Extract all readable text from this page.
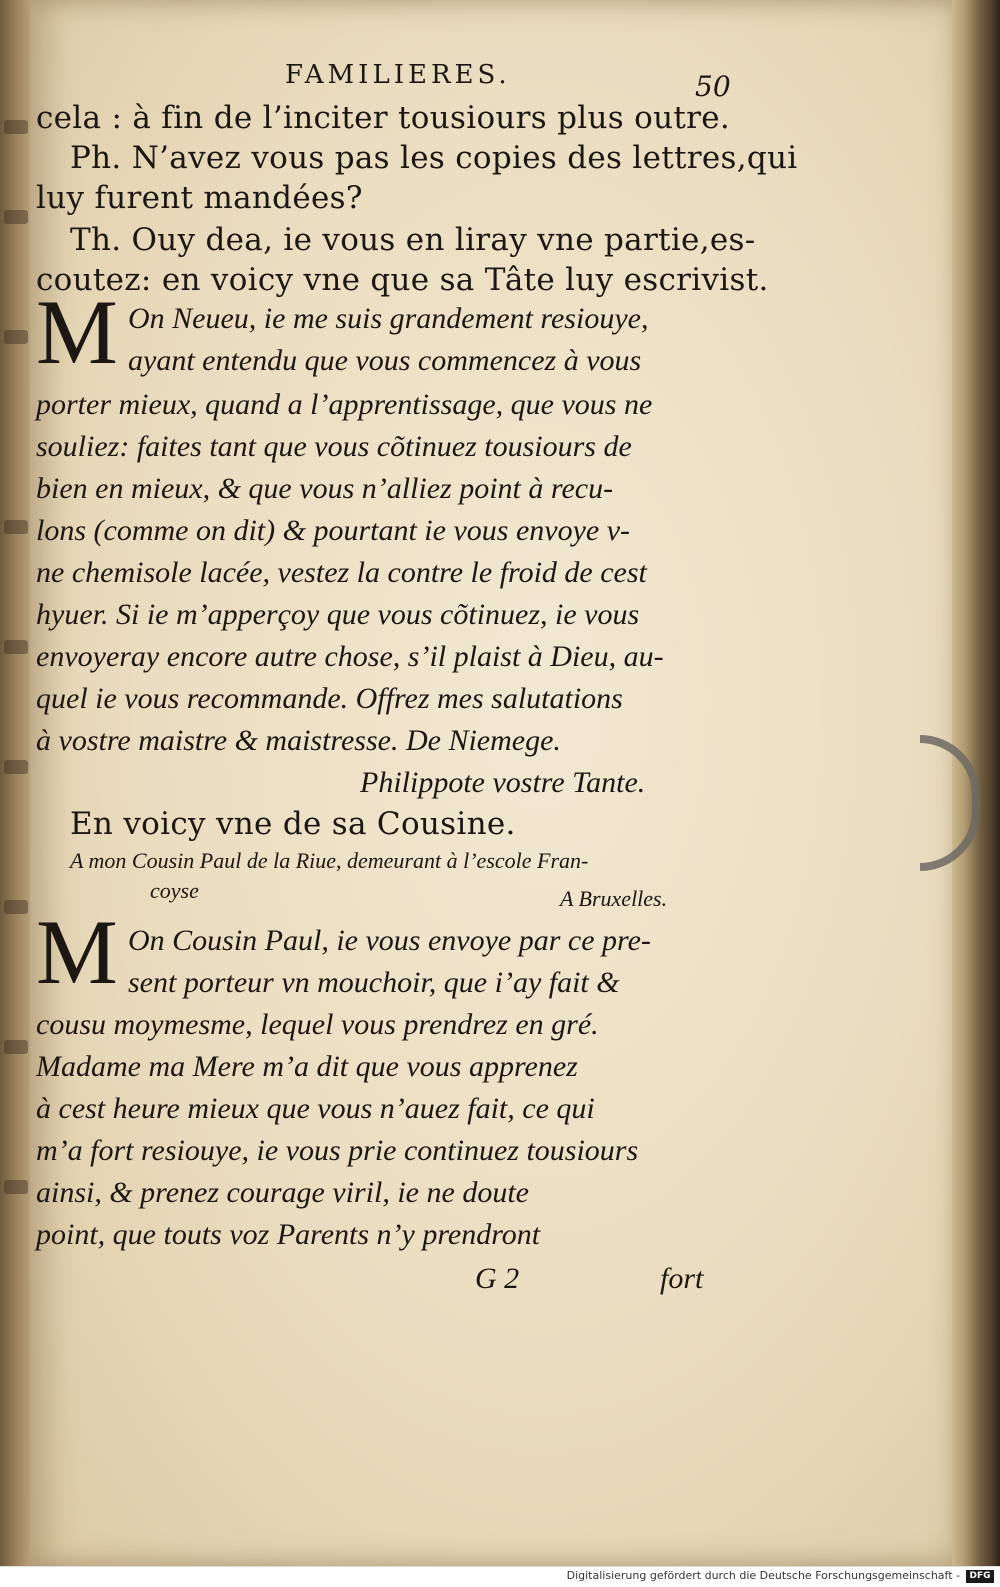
FAMILIERES.	50
cela : à fin de l’inciter tousiours plus outre.
Ph. N’avez vous pas les copies des lettres,qui
luy furent mandées?
Th. Ouy dea, ie vous en liray vne partie,es-
coutez: en voicy vne que sa Tâte luy escrivist.
M On Neueu, ie me suis grandement resiouye,
ayant entendu que vous commencez à vous
porter mieux, quand a l’apprentissage, que vous ne
souliez: faites tant que vous cõtinuez tousiours de
bien en mieux, & que vous n’alliez point à recu-
lons (comme on dit) & pourtant ie vous envoye v-
ne chemisole lacée, vestez la contre le froid de cest
hyuer. Si ie m’apperçoy que vous cõtinuez, ie vous
envoyeray encore autre chose, s’il plaist à Dieu, au-
quel ie vous recommande. Offrez mes salutations
à vostre maistre & maistresse. De Niemege.
Philippote vostre Tante.
En voicy vne de sa Cousine.
A mon Cousin Paul de la Riue, demeurant à l’escole Fran-
coyse	A Bruxelles.
M On Cousin Paul, ie vous envoye par ce pre-
sent porteur vn mouchoir, que i’ay fait &
cousu moymesme, lequel vous prendrez en gré.
Madame ma Mere m’a dit que vous apprenez
à cest heure mieux que vous n’auez fait, ce qui
m’a fort resiouye, ie vous prie continuez tousiours
ainsi, & prenez courage viril, ie ne doute
point, que touts voz Parents n’y prendront
G 2	fort
Digitalisierung gefördert durch die Deutsche Forschungsgemeinschaft -	DFG
